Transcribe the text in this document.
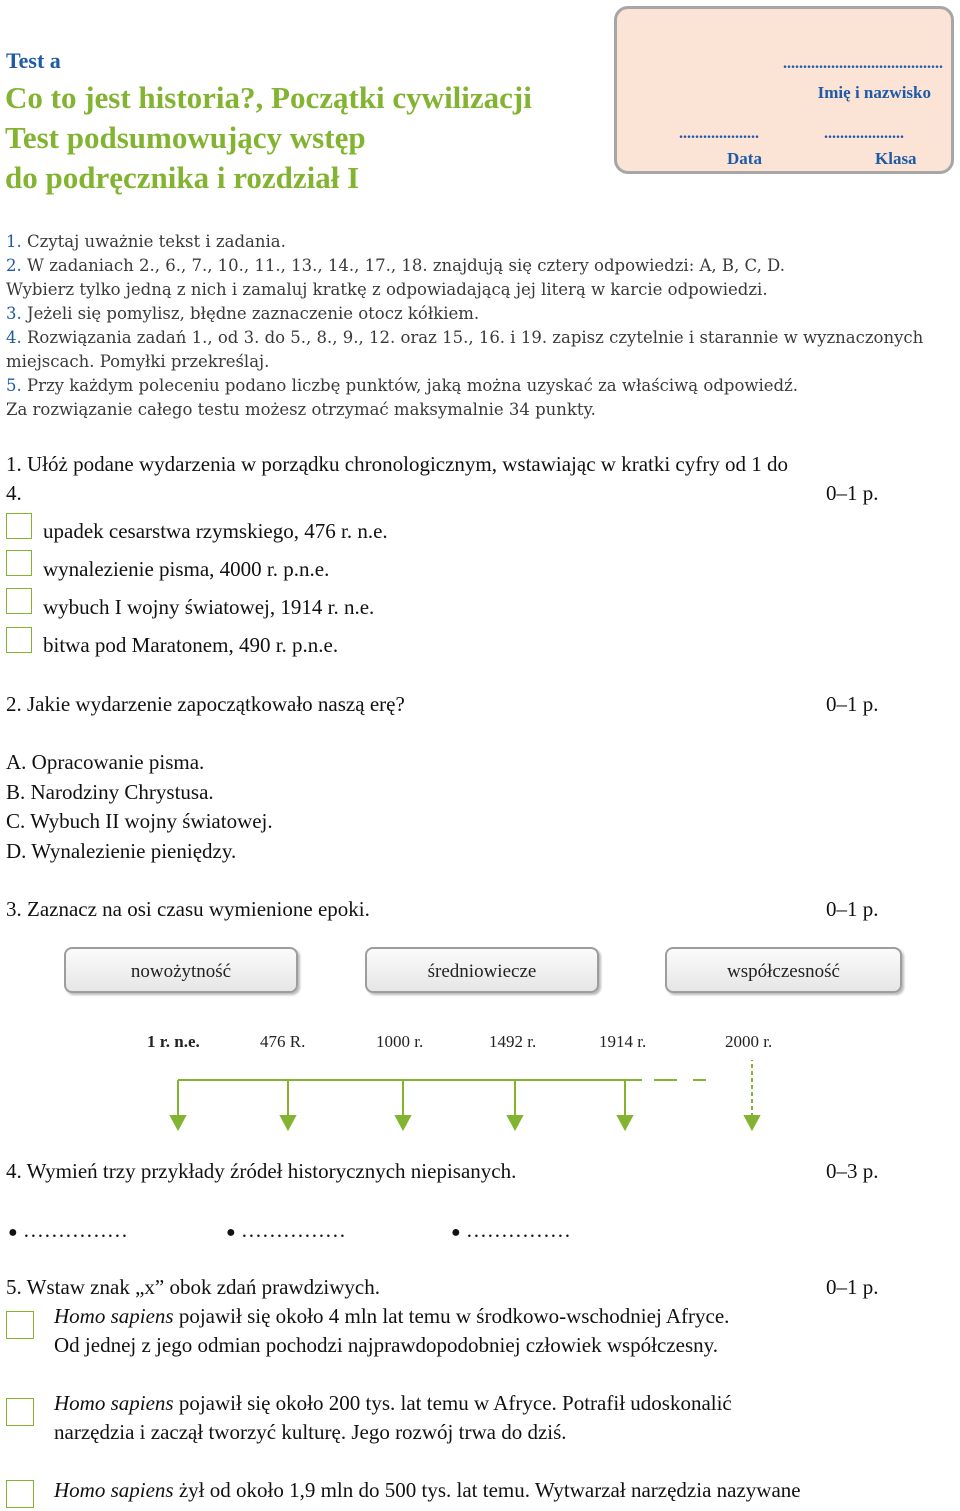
Test a
Co to jest historia?, Początki cywilizacji
Test podsumowujący wstęp
do podręcznika i rozdział I
........................................
Imię i nazwisko
....................	....................
Data	Klasa
1. Czytaj uważnie tekst i zadania.
2. W zadaniach 2., 6., 7., 10., 11., 13., 14., 17., 18. znajdują się cztery odpowiedzi: A, B, C, D.
Wybierz tylko jedną z nich i zamaluj kratkę z odpowiadającą jej literą w karcie odpowiedzi.
3. Jeżeli się pomylisz, błędne zaznaczenie otocz kółkiem.
4. Rozwiązania zadań 1., od 3. do 5., 8., 9., 12. oraz 15., 16. i 19. zapisz czytelnie i starannie w wyznaczonych
miejscach. Pomyłki przekreślaj.
5. Przy każdym poleceniu podano liczbę punktów, jaką można uzyskać za właściwą odpowiedź.
Za rozwiązanie całego testu możesz otrzymać maksymalnie 34 punkty.
1. Ułóż podane wydarzenia w porządku chronologicznym, wstawiając w kratki cyfry od 1 do
4.	0–1 p.
upadek cesarstwa rzymskiego, 476 r. n.e.
wynalezienie pisma, 4000 r. p.n.e.
wybuch I wojny światowej, 1914 r. n.e.
bitwa pod Maratonem, 490 r. p.n.e.
2. Jakie wydarzenie zapoczątkowało naszą erę?	0–1 p.
A. Opracowanie pisma.
B. Narodziny Chrystusa.
C. Wybuch II wojny światowej.
D. Wynalezienie pieniędzy.
3. Zaznacz na osi czasu wymienione epoki.	0–1 p.
nowożytność	średniowiecze	współczesność
1 r. n.e.	476 R.	1000 r.	1492 r.	1914 r.	2000 r.
4. Wymień trzy przykłady źródeł historycznych niepisanych.	0–3 p.
● ……………	● ……………	● ……………
5. Wstaw znak „x” obok zdań prawdziwych.	0–1 p.
Homo sapiens pojawił się około 4 mln lat temu w środkowo-wschodniej Afryce.
Od jednej z jego odmian pochodzi najprawdopodobniej człowiek współczesny.
Homo sapiens pojawił się około 200 tys. lat temu w Afryce. Potrafił udoskonalić
narzędzia i zaczął tworzyć kulturę. Jego rozwój trwa do dziś.
Homo sapiens żył od około 1,9 mln do 500 tys. lat temu. Wytwarzał narzędzia nazywane
